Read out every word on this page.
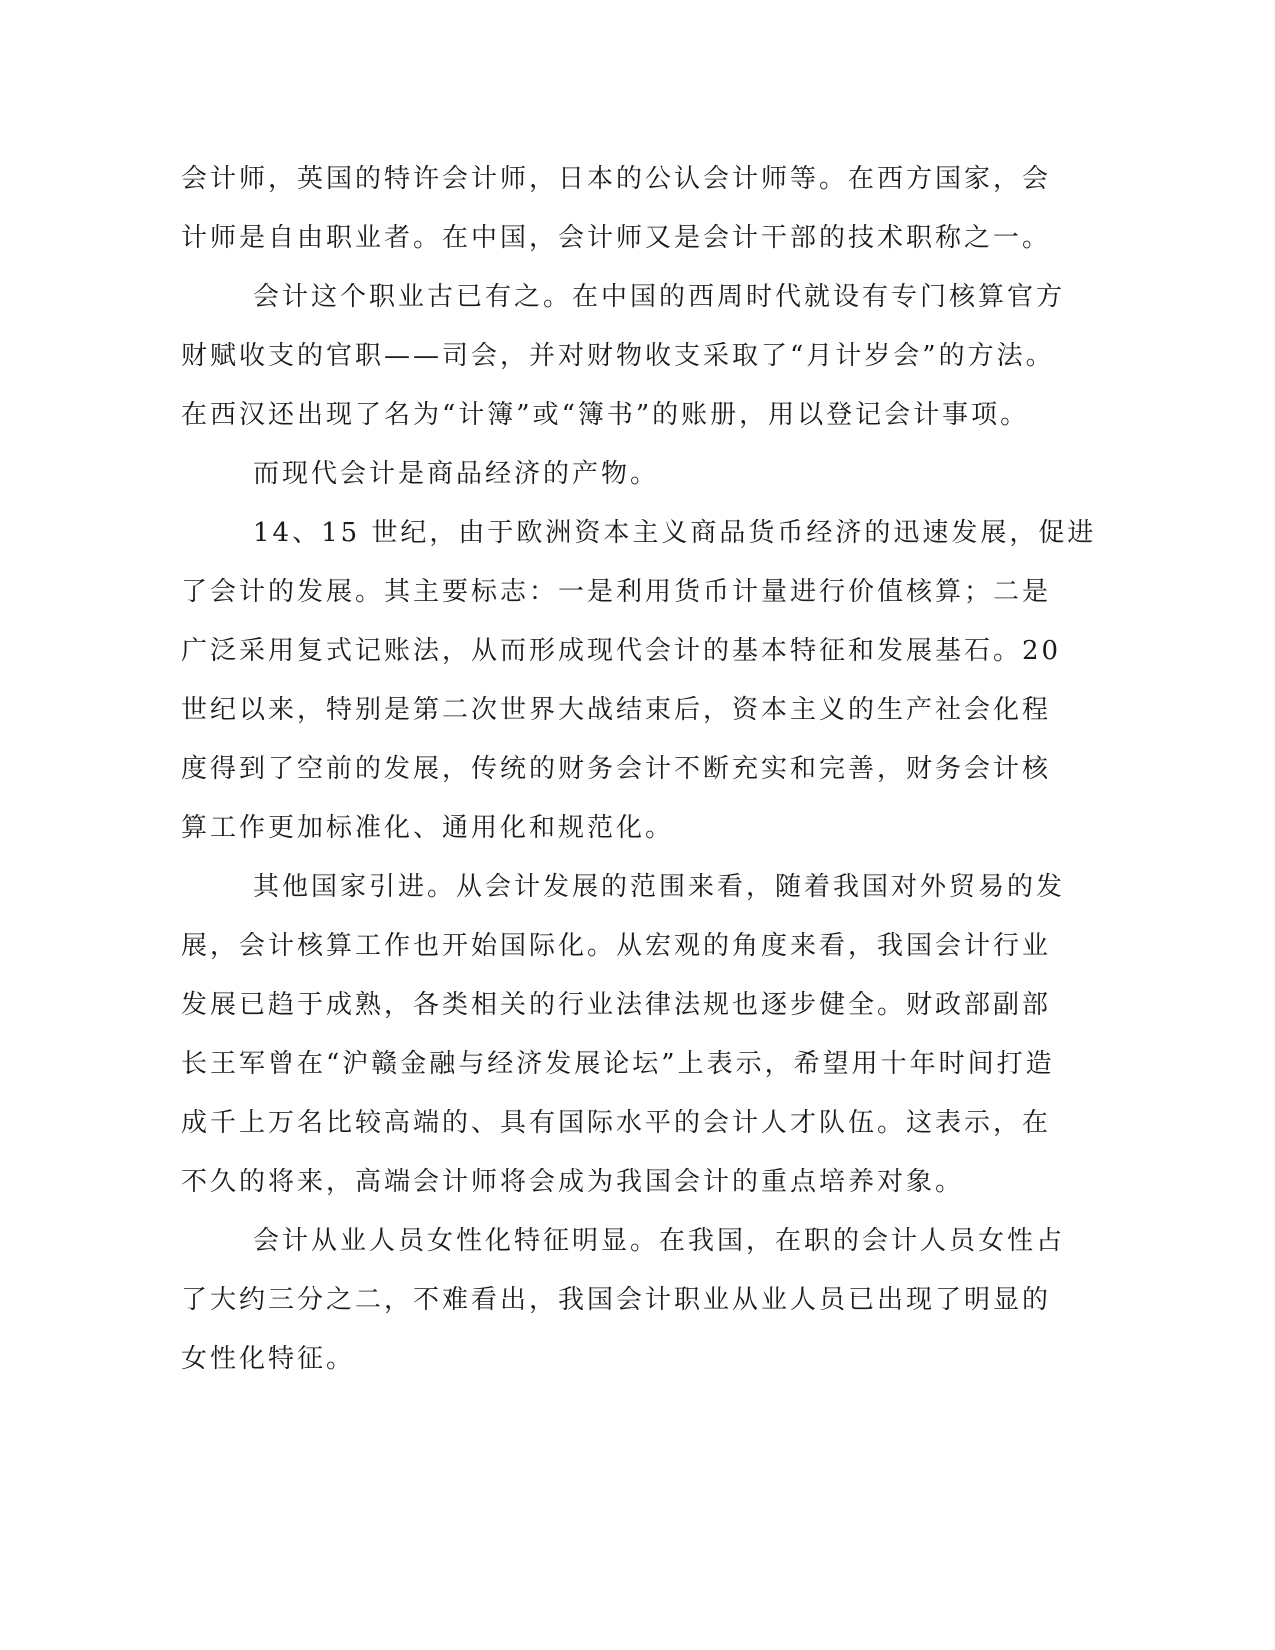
会计师，英国的特许会计师，日本的公认会计师等。在西方国家，会
计师是自由职业者。在中国，会计师又是会计干部的技术职称之一。
会计这个职业古已有之。在中国的西周时代就设有专门核算官方
财赋收支的官职——司会，并对财物收支采取了“月计岁会”的方法。
在西汉还出现了名为“计簿”或“簿书”的账册，用以登记会计事项。
而现代会计是商品经济的产物。
14、15 世纪，由于欧洲资本主义商品货币经济的迅速发展，促进
了会计的发展。其主要标志：一是利用货币计量进行价值核算；二是
广泛采用复式记账法，从而形成现代会计的基本特征和发展基石。20
世纪以来，特别是第二次世界大战结束后，资本主义的生产社会化程
度得到了空前的发展，传统的财务会计不断充实和完善，财务会计核
算工作更加标准化、通用化和规范化。
其他国家引进。从会计发展的范围来看，随着我国对外贸易的发
展，会计核算工作也开始国际化。从宏观的角度来看，我国会计行业
发展已趋于成熟，各类相关的行业法律法规也逐步健全。财政部副部
长王军曾在“沪赣金融与经济发展论坛”上表示，希望用十年时间打造
成千上万名比较高端的、具有国际水平的会计人才队伍。这表示，在
不久的将来，高端会计师将会成为我国会计的重点培养对象。
会计从业人员女性化特征明显。在我国，在职的会计人员女性占
了大约三分之二，不难看出，我国会计职业从业人员已出现了明显的
女性化特征。
